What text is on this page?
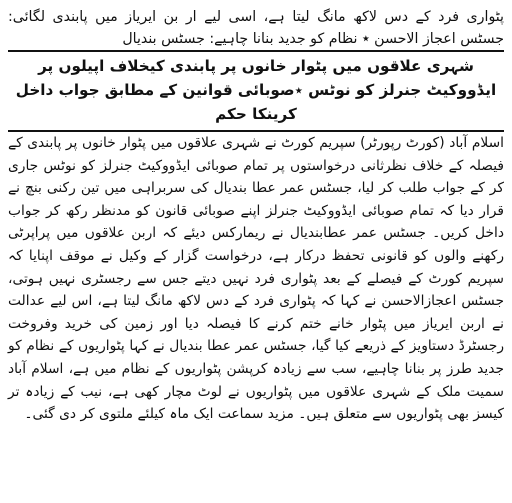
پٹواری فرد کے دس لاکھ مانگ لیتا ہے، اسی لیے ار بن ایریاز میں پابندی لگائی: جسٹس اعجاز الاحسن ٭ نظام کو جدید بنانا چاہیے: جسٹس بندیال

شہری علاقوں میں پٹوار خانوں پر پابندی کیخلاف اپیلوں پر ایڈووکیٹ جنرلز کو نوٹس ٭صوبائی قوانین کے مطابق جواب داخل کرینکا حکم

اسلام آباد (کورٹ رپورٹر) سپریم کورٹ نے شہری علاقوں میں پٹوار خانوں پر پابندی کے فیصلہ کے خلاف نظرثانی درخواستوں پر تمام صوبائی ایڈووکیٹ جنرلز کو نوٹس جاری کر کے جواب طلب کر لیا، جسٹس عمر عطا بندیال کی سربراہی میں تین رکنی بنچ نے قرار دیا کہ تمام صوبائی ایڈووکیٹ جنرلز اپنے صوبائی قانون کو مدنظر رکھ کر جواب داخل کریں۔ جسٹس عمر عطابندیال نے ریمارکس دیئے کہ اربن علاقوں میں پراپرٹی رکھنے والوں کو قانونی تحفظ درکار ہے، درخواست گزار کے وکیل نے موقف اپنایا کہ سپریم کورٹ کے فیصلے کے بعد پٹواری فرد نہیں دیتے جس سے رجسٹری نہیں ہوتی، جسٹس اعجازالاحسن نے کہا کہ پٹواری فرد کے دس لاکھ مانگ لیتا ہے، اس لیے عدالت نے اربن ایریاز میں پٹوار خانے ختم کرنے کا فیصلہ دیا اور زمین کی خرید وفروخت رجسٹرڈ دستاویز کے ذریعے کیا گیا، جسٹس عمر عطا بندیال نے کہا پٹواریوں کے نظام کو جدید طرز پر بنانا چاہیے، سب سے زیادہ کرپشن پٹواریوں کے نظام میں ہے، اسلام آباد سمیت ملک کے شہری علاقوں میں پٹواریوں نے لوٹ مچار کھی ہے، نیب کے زیادہ تر کیسز بھی پٹواریوں سے متعلق ہیں۔ مزید سماعت ایک ماہ کیلئے ملتوی کر دی گئی۔
